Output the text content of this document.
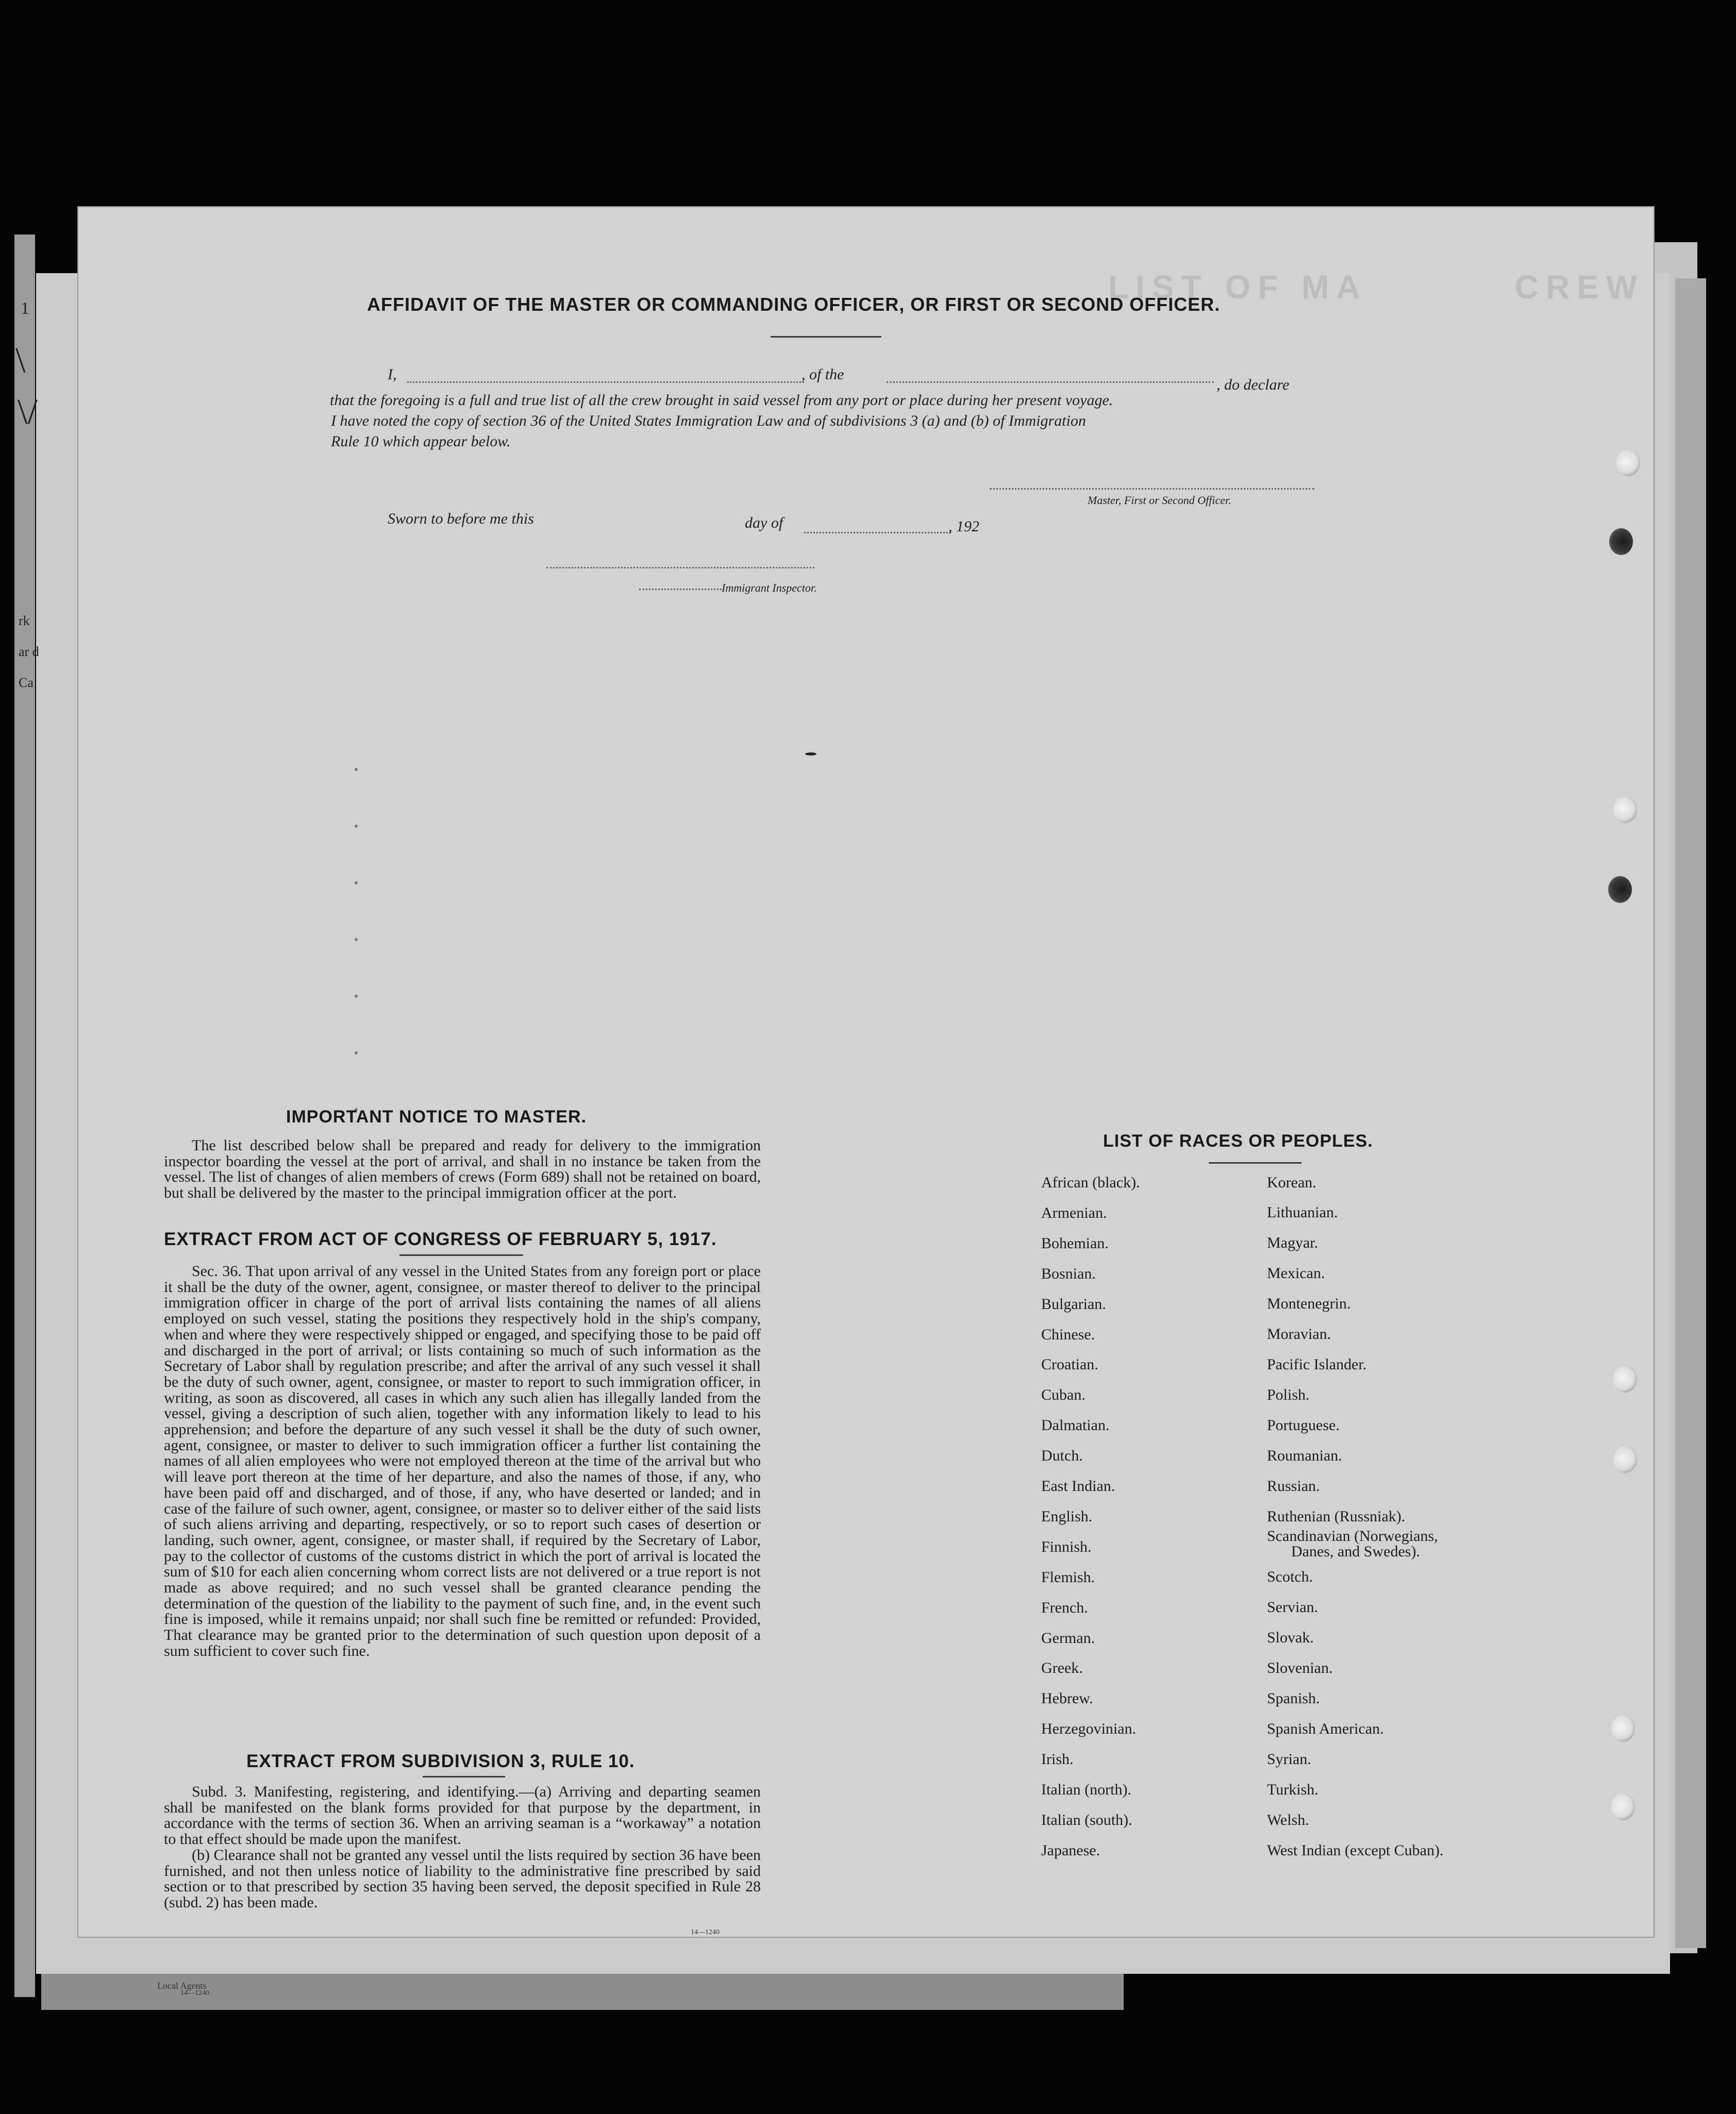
LIST OF MA         CREW
1
\
\/
rk
ar d
Ca
AFFIDAVIT OF THE MASTER OR COMMANDING OFFICER, OR FIRST OR SECOND OFFICER.
I,	, of the
, do declare
that the foregoing is a full and true list of all the crew brought in said vessel from any port or place during her present voyage.
I have noted the copy of section 36 of the United States Immigration Law and of subdivisions 3 (a) and (b) of Immigration
Rule 10 which appear below.
Master, First or Second Officer.
Sworn to before me this	day of	, 192
Immigrant Inspector.
IMPORTANT NOTICE TO MASTER.

The list described below shall be prepared and ready for delivery to the immigration inspector boarding the vessel at the port of arrival, and shall in no instance be taken from the vessel. The list of changes of alien members of crews (Form 689) shall not be retained on board, but shall be delivered by the master to the principal immigration officer at the port.

EXTRACT FROM ACT OF CONGRESS OF FEBRUARY 5, 1917.

Sec. 36. That upon arrival of any vessel in the United States from any foreign port or place it shall be the duty of the owner, agent, consignee, or master thereof to deliver to the principal immigration officer in charge of the port of arrival lists containing the names of all aliens employed on such vessel, stating the positions they respectively hold in the ship's company, when and where they were respectively shipped or engaged, and specifying those to be paid off and discharged in the port of arrival; or lists containing so much of such information as the Secretary of Labor shall by regulation prescribe; and after the arrival of any such vessel it shall be the duty of such owner, agent, consignee, or master to report to such immigration officer, in writing, as soon as discovered, all cases in which any such alien has illegally landed from the vessel, giving a description of such alien, together with any information likely to lead to his apprehension; and before the departure of any such vessel it shall be the duty of such owner, agent, consignee, or master to deliver to such immigration officer a further list containing the names of all alien employees who were not employed thereon at the time of the arrival but who will leave port thereon at the time of her departure, and also the names of those, if any, who have been paid off and discharged, and of those, if any, who have deserted or landed; and in case of the failure of such owner, agent, consignee, or master so to deliver either of the said lists of such aliens arriving and departing, respectively, or so to report such cases of desertion or landing, such owner, agent, consignee, or master shall, if required by the Secretary of Labor, pay to the collector of customs of the customs district in which the port of arrival is located the sum of $10 for each alien concerning whom correct lists are not delivered or a true report is not made as above required; and no such vessel shall be granted clearance pending the determination of the question of the liability to the payment of such fine, and, in the event such fine is imposed, while it remains unpaid; nor shall such fine be remitted or refunded: Provided, That clearance may be granted prior to the determination of such question upon deposit of a sum sufficient to cover such fine.

EXTRACT FROM SUBDIVISION 3, RULE 10.

Subd. 3. Manifesting, registering, and identifying.—(a) Arriving and departing seamen shall be manifested on the blank forms provided for that purpose by the department, in accordance with the terms of section 36. When an arriving seaman is a “workaway” a notation to that effect should be made upon the manifest.

(b) Clearance shall not be granted any vessel until the lists required by section 36 have been furnished, and not then unless notice of liability to the administrative fine prescribed by said section or to that prescribed by section 35 having been served, the deposit specified in Rule 28 (subd. 2) has been made.

14—1240
LIST OF RACES OR PEOPLES.
African (black).
Armenian.
Bohemian.
Bosnian.
Bulgarian.
Chinese.
Croatian.
Cuban.
Dalmatian.
Dutch.
East Indian.
English.
Finnish.
Flemish.
French.
German.
Greek.
Hebrew.
Herzegovinian.
Irish.
Italian (north).
Italian (south).
Japanese.
Korean.
Lithuanian.
Magyar.
Mexican.
Montenegrin.
Moravian.
Pacific Islander.
Polish.
Portuguese.
Roumanian.
Russian.
Ruthenian (Russniak).
Scandinavian (Norwegians,
Danes, and Swedes).
Scotch.
Servian.
Slovak.
Slovenian.
Spanish.
Spanish American.
Syrian.
Turkish.
Welsh.
West Indian (except Cuban).
Local Agents
14—1240
